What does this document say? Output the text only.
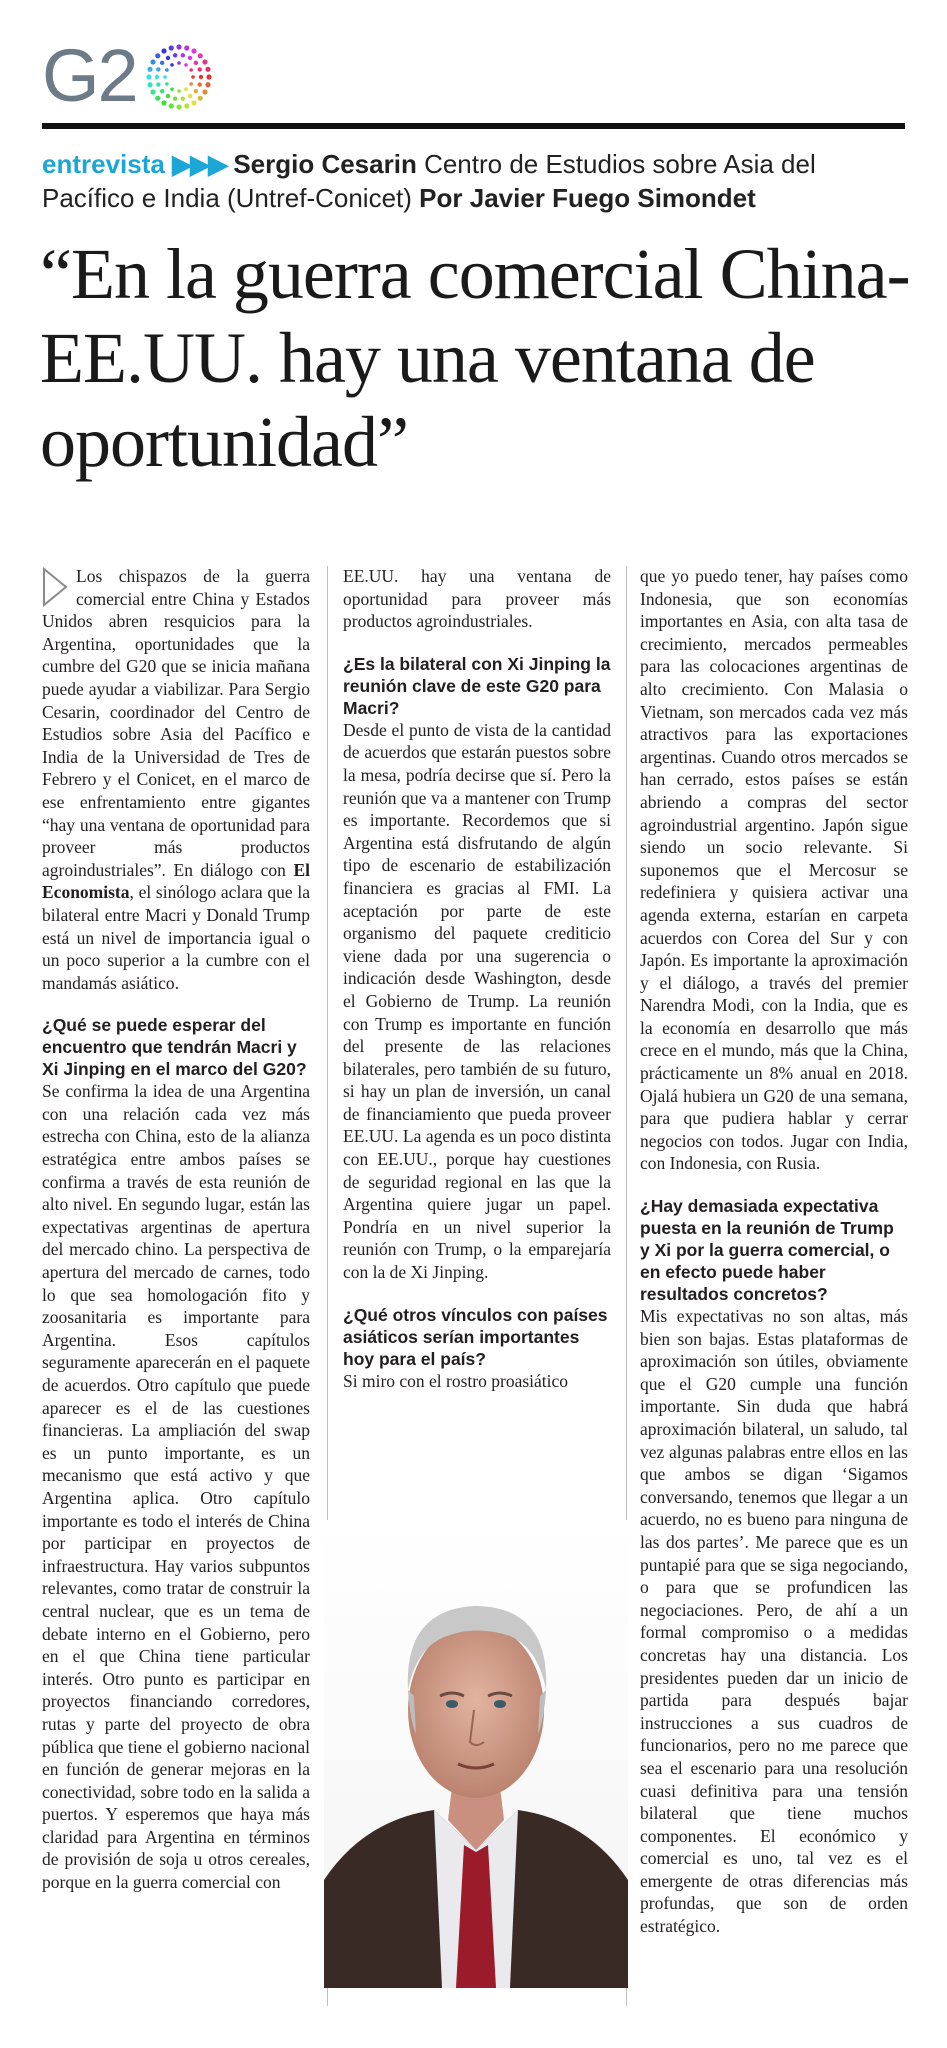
G2
entrevista ▶▶▶ Sergio Cesarin Centro de Estudios sobre Asia del Pacífico e India (Untref-Conicet) Por Javier Fuego Simondet
“En la guerra comercial China-EE.UU. hay una ventana de oportunidad”

Los chispazos de la guerra comercial entre China y Estados Unidos abren resquicios para la Argentina, oportunidades que la cumbre del G20 que se inicia mañana puede ayudar a viabilizar. Para Sergio Cesarin, coordinador del Centro de Estudios sobre Asia del Pacífico e India de la Universidad de Tres de Febrero y el Conicet, en el marco de ese enfrentamiento entre gigantes “hay una ventana de oportunidad para proveer más productos agroindustriales”. En diálogo con El Economista, el sinólogo aclara que la bilateral entre Macri y Donald Trump está un nivel de importancia igual o un poco superior a la cumbre con el mandamás asiático.

¿Qué se puede esperar del encuentro que tendrán Macri y Xi Jinping en el marco del G20?

Se confirma la idea de una Argentina con una relación cada vez más estrecha con China, esto de la alianza estratégica entre ambos países se confirma a través de esta reunión de alto nivel. En segundo lugar, están las expectativas argentinas de apertura del mercado chino. La perspectiva de apertura del mercado de carnes, todo lo que sea homologación fito y zoosanitaria es importante para Argentina. Esos capítulos seguramente aparecerán en el paquete de acuerdos. Otro capítulo que puede aparecer es el de las cuestiones financieras. La ampliación del swap es un punto importante, es un mecanismo que está activo y que Argentina aplica. Otro capítulo importante es todo el interés de China por participar en proyectos de infraestructura. Hay varios subpuntos relevantes, como tratar de construir la central nuclear, que es un tema de debate interno en el Gobierno, pero en el que China tiene particular interés. Otro punto es participar en proyectos financiando corredores, rutas y parte del proyecto de obra pública que tiene el gobierno nacional en función de generar mejoras en la conectividad, sobre todo en la salida a puertos. Y esperemos que haya más claridad para Argentina en términos de provisión de soja u otros cereales, porque en la guerra comercial con

EE.UU. hay una ventana de oportunidad para proveer más productos agroindustriales.

¿Es la bilateral con Xi Jinping la reunión clave de este G20 para Macri?

Desde el punto de vista de la cantidad de acuerdos que estarán puestos sobre la mesa, podría decirse que sí. Pero la reunión que va a mantener con Trump es importante. Recordemos que si Argentina está disfrutando de algún tipo de escenario de estabilización financiera es gracias al FMI. La aceptación por parte de este organismo del paquete crediticio viene dada por una sugerencia o indicación desde Washington, desde el Gobierno de Trump. La reunión con Trump es importante en función del presente de las relaciones bilaterales, pero también de su futuro, si hay un plan de inversión, un canal de financiamiento que pueda proveer EE.UU. La agenda es un poco distinta con EE.UU., porque hay cuestiones de seguridad regional en las que la Argentina quiere jugar un papel. Pondría en un nivel superior la reunión con Trump, o la emparejaría con la de Xi Jinping.

¿Qué otros vínculos con países asiáticos serían importantes hoy para el país?

Si miro con el rostro proasiático

que yo puedo tener, hay países como Indonesia, que son economías importantes en Asia, con alta tasa de crecimiento, mercados permeables para las colocaciones argentinas de alto crecimiento. Con Malasia o Vietnam, son mercados cada vez más atractivos para las exportaciones argentinas. Cuando otros mercados se han cerrado, estos países se están abriendo a compras del sector agroindustrial argentino. Japón sigue siendo un socio relevante. Si suponemos que el Mercosur se redefiniera y quisiera activar una agenda externa, estarían en carpeta acuerdos con Corea del Sur y con Japón. Es importante la aproximación y el diálogo, a través del premier Narendra Modi, con la India, que es la economía en desarrollo que más crece en el mundo, más que la China, prácticamente un 8% anual en 2018. Ojalá hubiera un G20 de una semana, para que pudiera hablar y cerrar negocios con todos. Jugar con India, con Indonesia, con Rusia.

¿Hay demasiada expectativa puesta en la reunión de Trump y Xi por la guerra comercial, o en efecto puede haber resultados concretos?

Mis expectativas no son altas, más bien son bajas. Estas plataformas de aproximación son útiles, obviamente que el G20 cumple una función importante. Sin duda que habrá aproximación bilateral, un saludo, tal vez algunas palabras entre ellos en las que ambos se digan ‘Sigamos conversando, tenemos que llegar a un acuerdo, no es bueno para ninguna de las dos partes’. Me parece que es un puntapié para que se siga negociando, o para que se profundicen las negociaciones. Pero, de ahí a un formal compromiso o a medidas concretas hay una distancia. Los presidentes pueden dar un inicio de partida para después bajar instrucciones a sus cuadros de funcionarios, pero no me parece que sea el escenario para una resolución cuasi definitiva para una tensión bilateral que tiene muchos componentes. El económico y comercial es uno, tal vez es el emergente de otras diferencias más profundas, que son de orden estratégico.
